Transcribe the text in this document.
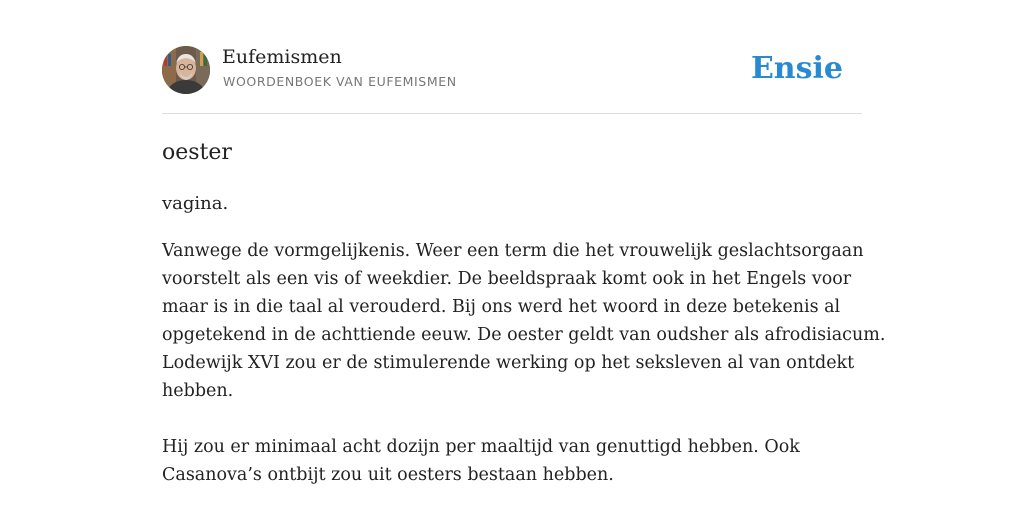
Eufemismen
WOORDENBOEK VAN EUFEMISMEN	Ensie
oester

vagina.

Vanwege de vormgelijkenis. Weer een term die het vrouwelijk geslachtsorgaan

voorstelt als een vis of weekdier. De beeldspraak komt ook in het Engels voor

maar is in die taal al verouderd. Bij ons werd het woord in deze betekenis al

opgetekend in de achttiende eeuw. De oester geldt van oudsher als afrodisiacum.

Lodewijk XVI zou er de stimulerende werking op het seksleven al van ontdekt

hebben.

Hij zou er minimaal acht dozijn per maaltijd van genuttigd hebben. Ook

Casanova’s ontbijt zou uit oesters bestaan hebben.
